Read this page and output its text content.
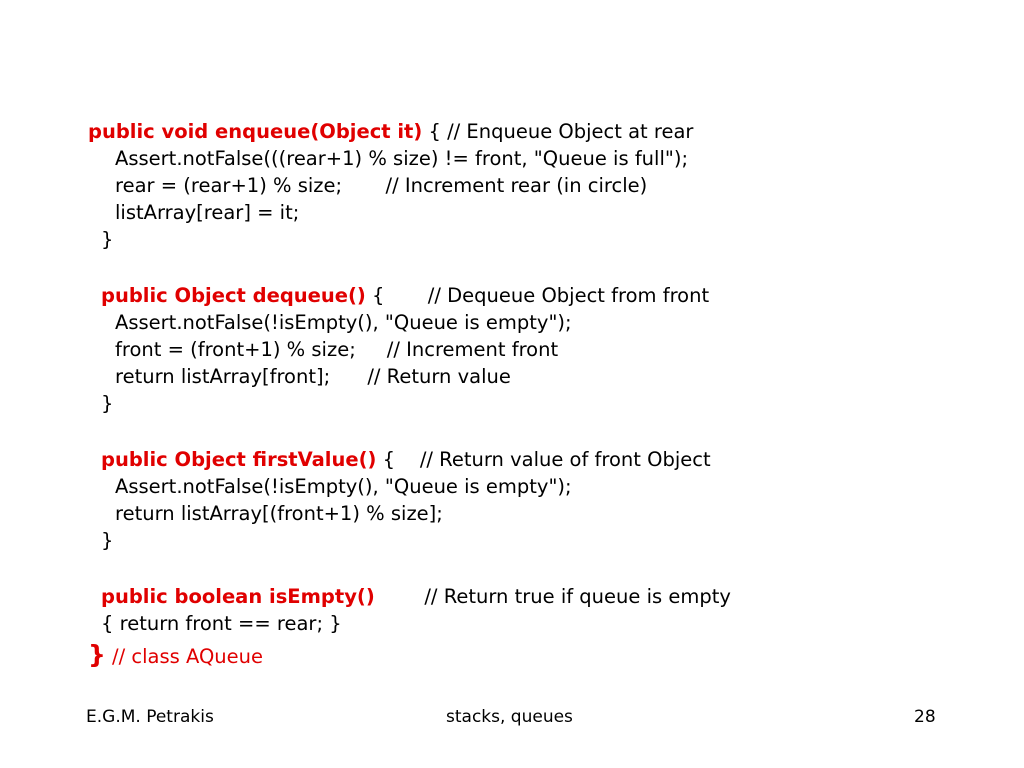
public void enqueue(Object it) { // Enqueue Object at rear
Assert.notFalse(((rear+1) % size) != front, "Queue is full");
rear = (rear+1) % size;       // Increment rear (in circle)
listArray[rear] = it;
}
public Object dequeue() {       // Dequeue Object from front
Assert.notFalse(!isEmpty(), "Queue is empty");
front = (front+1) % size;     // Increment front
return listArray[front];      // Return value
}
public Object firstValue() {    // Return value of front Object
Assert.notFalse(!isEmpty(), "Queue is empty");
return listArray[(front+1) % size];
}
public boolean isEmpty()        // Return true if queue is empty
{ return front == rear; }
} // class AQueue
E.G.M. Petrakis	stacks, queues	28
